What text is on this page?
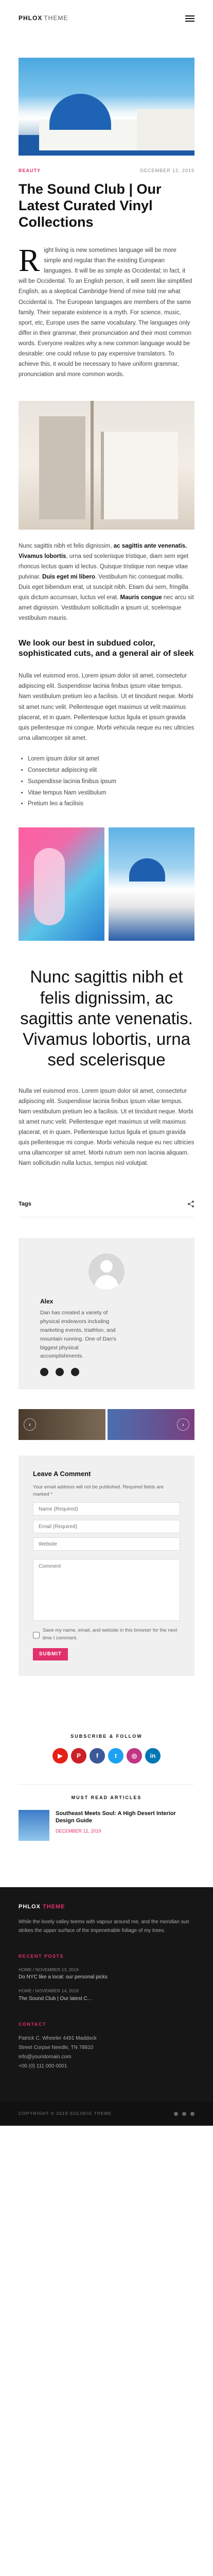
PHLOX THEME
BEAUTY	DECEMBER 12, 2019
The Sound Club | Our Latest Curated Vinyl Collections

Right living is new sometimes language will be more simple and regular than the existing European languages. It will be as simple as Occidental; in fact, it will be Occidental. To an English person, it will seem like simplified English, as a skeptical Cambridge friend of mine told me what Occidental is. The European languages are members of the same family. Their separate existence is a myth. For science, music, sport, etc, Europe uses the same vocabulary. The languages only differ in their grammar, their pronunciation and their most common words. Everyone realizes why a new common language would be desirable: one could refuse to pay expensive translators. To achieve this, it would be necessary to have uniform grammar, pronunciation and more common words.

Nunc sagittis nibh et felis dignissim, ac sagittis ante venenatis. Vivamus lobortis, urna sed scelerisque tristique, diam sem eget rhoncus lectus quam id lectus. Quisque tristique non neque vitae pulvinar. Duis eget mi libero. Vestibulum hic consequat mollis. Duis eget bibendum erat, ut suscipit nibh. Etiam dui sem, fringilla quis dictum accumsan, luctus vel erat. Mauris congue nec arcu sit amet dignissim. Vestibulum sollicitudin a ipsum ut, scelerisque vestibulum mauris.

We look our best in subdued color, sophisticated cuts, and a general air of sleek

Nulla vel euismod eros. Lorem ipsum dolor sit amet, consectetur adipiscing elit. Suspendisse lacinia finibus ipsum vitae tempus. Nam vestibulum pretium leo a facilisis. Ut et tincidunt neque. Morbi sit amet nunc velit. Pellentesque eget maximus ut velit maximus placerat, et in quam. Pellentesque luctus ligula et ipsum gravida quis pellentesque mi congue. Morbi vehicula neque eu nec ultricies urna ullamcorper sit amet.

• Lorem ipsum dolor sit amet
• Consectetur adipiscing elit
• Suspendisse lacinia finibus ipsum
• Vitae tempus Nam vestibulum
• Pretium leo a facilisis
Nunc sagittis nibh et felis dignissim, ac sagittis ante venenatis. Vivamus lobortis, urna sed scelerisque

Nulla vel euismod eros. Lorem ipsum dolor sit amet, consectetur adipiscing elit. Suspendisse lacinia finibus ipsum vitae tempus. Nam vestibulum pretium leo a facilisis. Ut et tincidunt neque. Morbi sit amet nunc velit. Pellentesque eget maximus ut velit maximus placerat, et in quam. Pellentesque luctus ligula et ipsum gravida quis pellentesque mi congue. Morbi vehicula neque eu nec ultricies urna ullamcorper sit amet. Morbi rutrum sem non lacinia aliquam. Nam sollicitudin nulla luctus, tempus nisl volutpat.

Tags
Alex
Dan has created a variety of physical endeavors including marketing events, triathlon, and mountain running. One of Dan's biggest physical accomplishments.
‹	›
Leave A Comment

Your email address will not be published. Required fields are marked *

Name (Required)
Email (Required)
Website
Comment
Save my name, email, and website in this browser for the next time I comment.
SUBMIT
SUBSCRIBE & FOLLOW
▶	P	f	t	◎	in
MUST READ ARTICLES
Southeast Meets Soul: A High Desert Interior Design Guide
DECEMBER 12, 2019
PHLOX THEME

While the lovely valley teems with vapour around me, and the meridian sun strikes the upper surface of the impenetrable foliage of my trees.

RECENT POSTS
HOME / NOVEMBER 13, 2019
Do NYC like a local: our personal picks
HOME / NOVEMBER 14, 2019
The Sound Club | Our latest C...
CONTACT
Patrick C. Wheeler 4491 Maddock
Street Corpse Needle, TN 78810
info@youridomain.com
+00 (0) 111 000 0001
COPYRIGHT © 2019 SOLVEIG THEME
